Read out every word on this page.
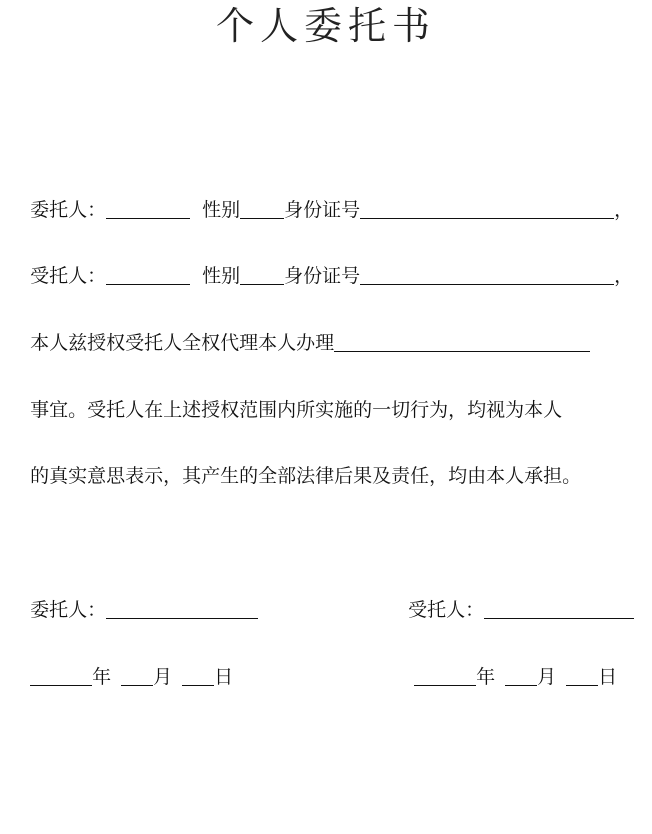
个人委托书

委托人：	性别 身份证号	，

受托人：	性别 身份证号	，

本人兹授权受托人全权代理本人办理

事宜。受托人在上述授权范围内所实施的一切行为，均视为本人

的真实意思表示，其产生的全部法律后果及责任，均由本人承担。

委托人：	受托人：

年 月 日	年 月 日
